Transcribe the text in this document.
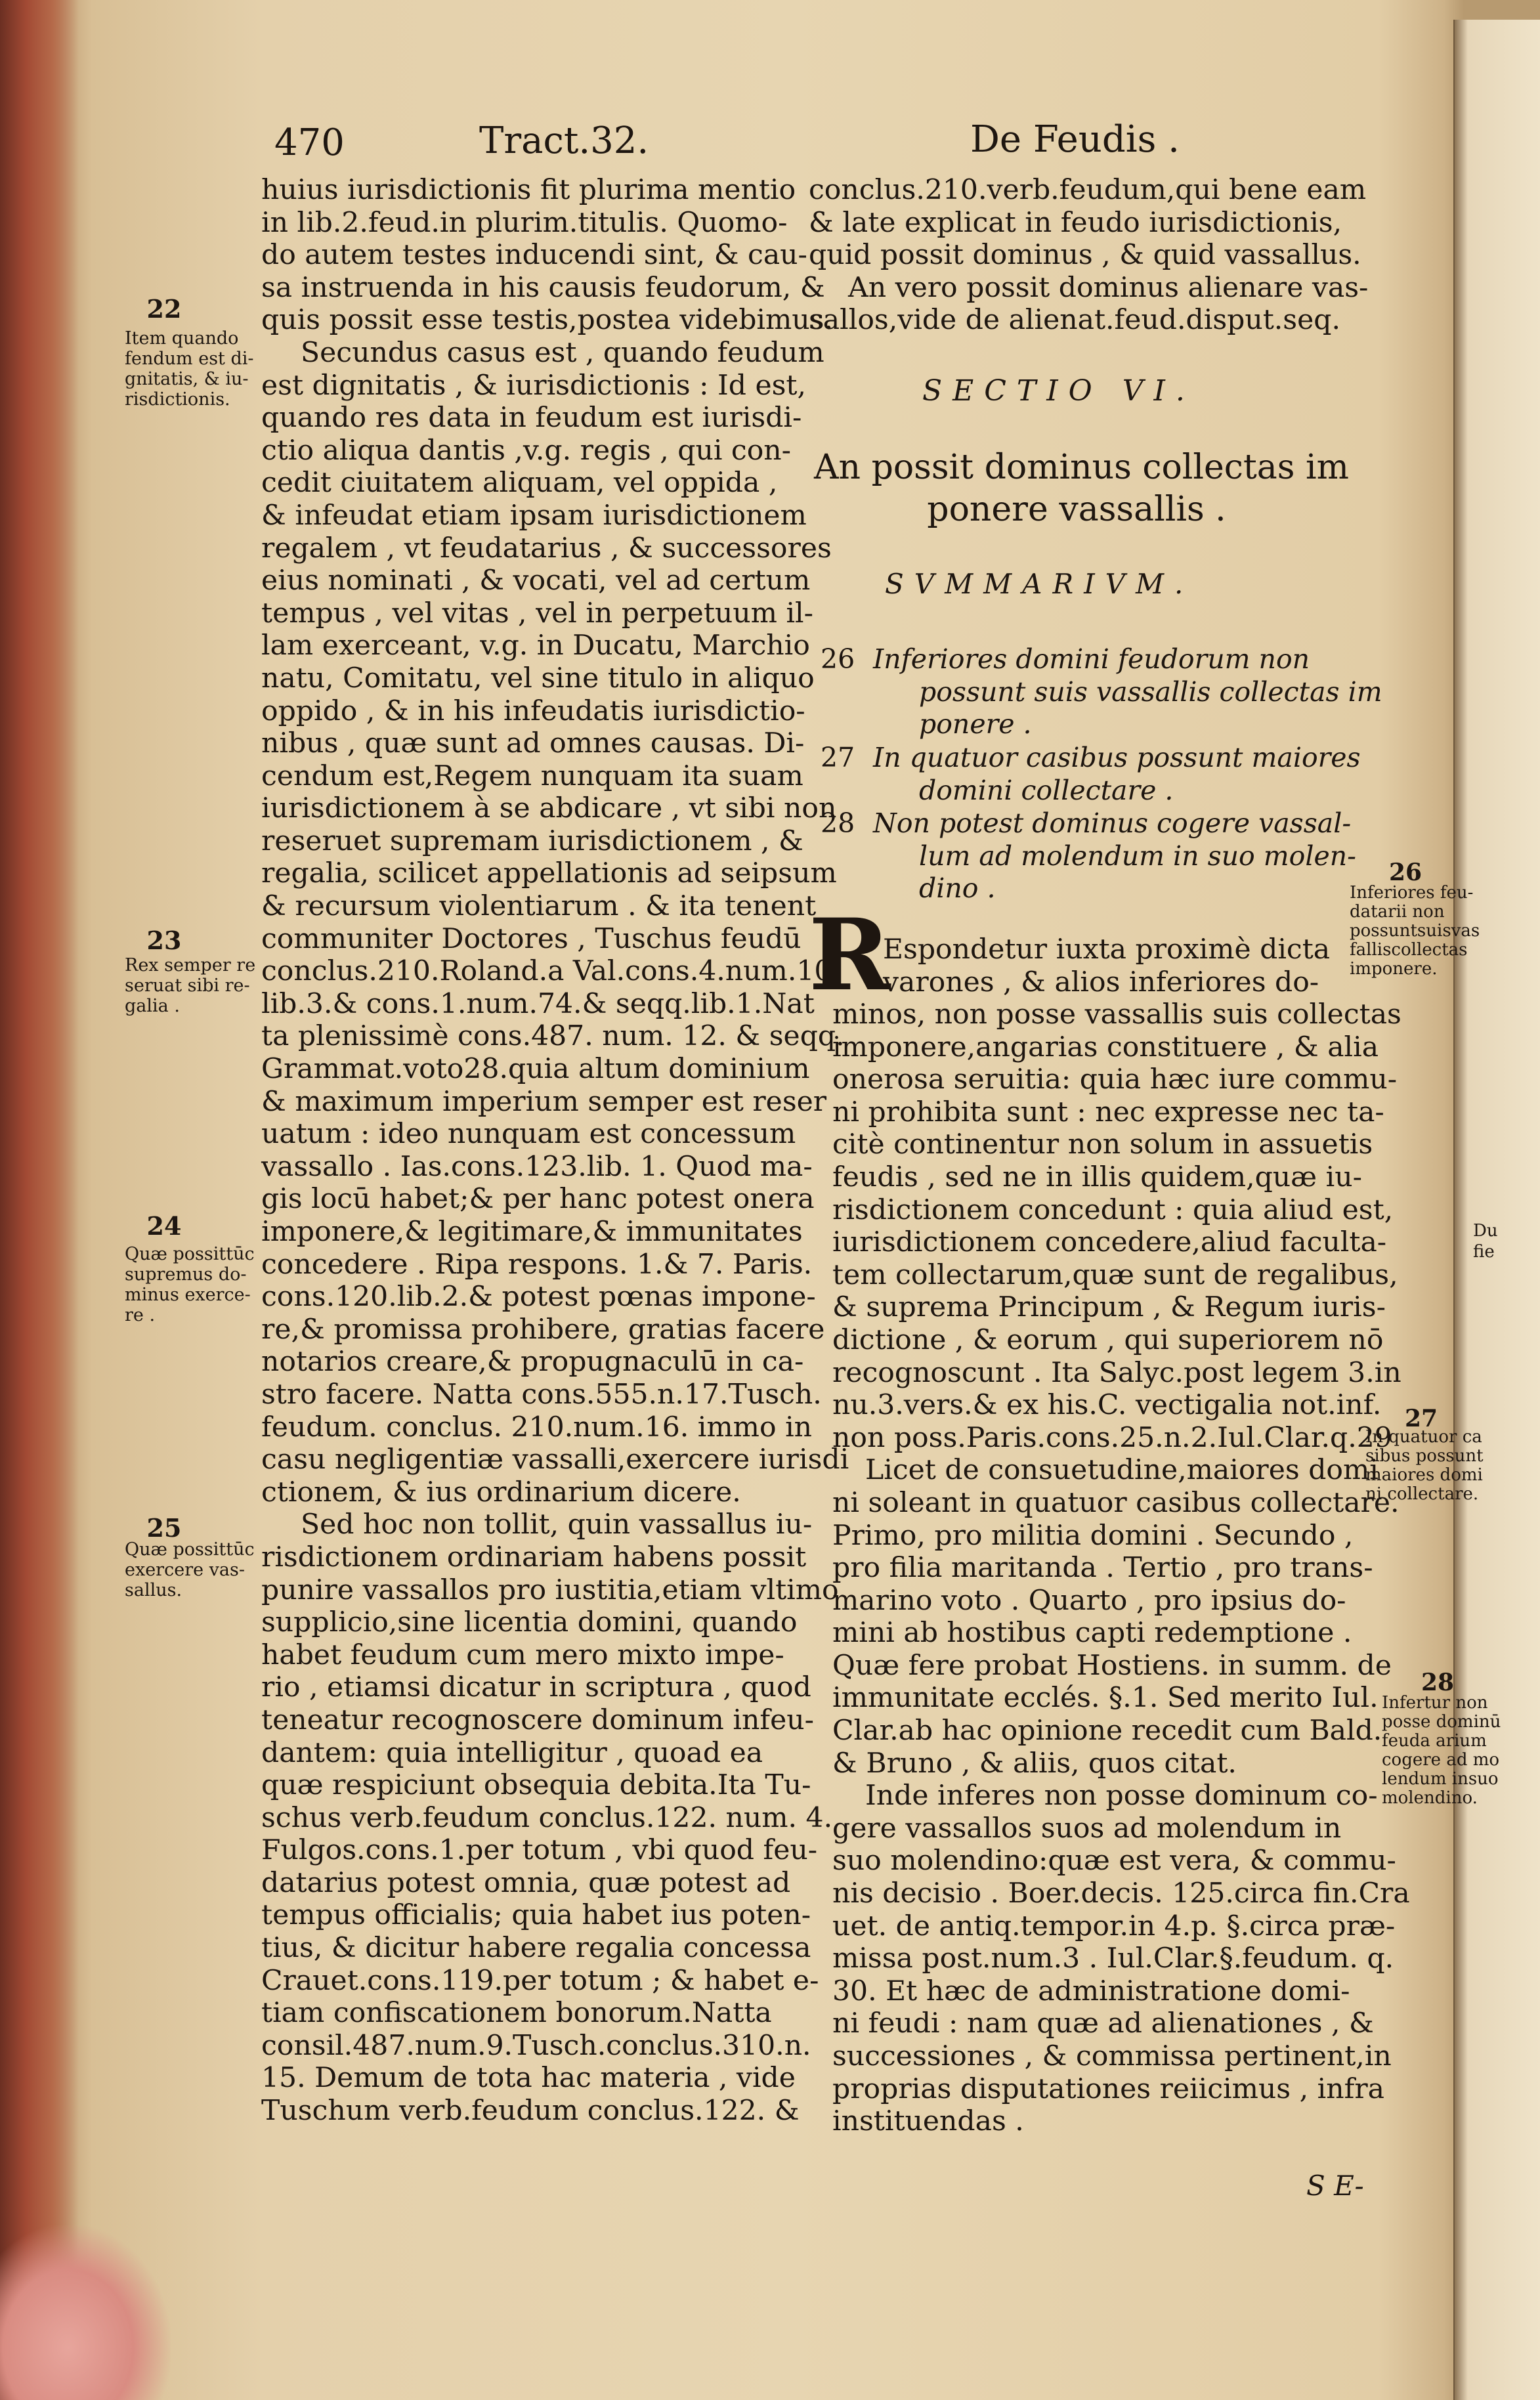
Du
fie
470	Tract.32.	De Feudis .
huius iurisdictionis fit plurima mentio
in lib.2.feud.in plurim.titulis. Quomo-
do autem testes inducendi sint, & cau-
sa instruenda in his causis feudorum, &
quis possit esse testis,postea videbimus.
Secundus casus est , quando feudum
est dignitatis , & iurisdictionis : Id est,
quando res data in feudum est iurisdi-
ctio aliqua dantis ,v.g. regis , qui con-
cedit ciuitatem aliquam, vel oppida ,
& infeudat etiam ipsam iurisdictionem
regalem , vt feudatarius , & successores
eius nominati , & vocati, vel ad certum
tempus , vel vitas , vel in perpetuum il-
lam exerceant, v.g. in Ducatu, Marchio
natu, Comitatu, vel sine titulo in aliquo
oppido , & in his infeudatis iurisdictio-
nibus , quæ sunt ad omnes causas. Di-
cendum est,Regem nunquam ita suam
iurisdictionem à se abdicare , vt sibi non
reseruet supremam iurisdictionem , &
regalia, scilicet appellationis ad seipsum
& recursum violentiarum . & ita tenent
communiter Doctores , Tuschus feudū
conclus.210.Roland.a Val.cons.4.num.10.
lib.3.& cons.1.num.74.& seqq.lib.1.Nat
ta plenissimè cons.487. num. 12. & seqq.
Grammat.voto28.quia altum dominium
& maximum imperium semper est reser
uatum : ideo nunquam est concessum
vassallo . Ias.cons.123.lib. 1. Quod ma-
gis locū habet;& per hanc potest onera
imponere,& legitimare,& immunitates
concedere . Ripa respons. 1.& 7. Paris.
cons.120.lib.2.& potest pœnas impone-
re,& promissa prohibere, gratias facere
notarios creare,& propugnaculū in ca-
stro facere. Natta cons.555.n.17.Tusch.
feudum. conclus. 210.num.16. immo in
casu negligentiæ vassalli,exercere iurisdi
ctionem, & ius ordinarium dicere.
Sed hoc non tollit, quin vassallus iu-
risdictionem ordinariam habens possit
punire vassallos pro iustitia,etiam vltimo
supplicio,sine licentia domini, quando
habet feudum cum mero mixto impe-
rio , etiamsi dicatur in scriptura , quod
teneatur recognoscere dominum infeu-
dantem: quia intelligitur , quoad ea
quæ respiciunt obsequia debita.Ita Tu-
schus verb.feudum conclus.122. num. 4.
Fulgos.cons.1.per totum , vbi quod feu-
datarius potest omnia, quæ potest ad
tempus officialis; quia habet ius poten-
tius, & dicitur habere regalia concessa
Crauet.cons.119.per totum ; & habet e-
tiam confiscationem bonorum.Natta
consil.487.num.9.Tusch.conclus.310.n.
15. Demum de tota hac materia , vide
Tuschum verb.feudum conclus.122. &
22
Item quando
fendum est di-
gnitatis, & iu-
risdictionis.
23
Rex semper re
seruat sibi re-
galia .
24
Quæ possittūc
supremus do-
minus exerce-
re .
25
Quæ possittūc
exercere vas-
sallus.
conclus.210.verb.feudum,qui bene eam
& late explicat in feudo iurisdictionis,
quid possit dominus , & quid vassallus.
An vero possit dominus alienare vas-
sallos,vide de alienat.feud.disput.seq.
SECTIO VI.
An possit dominus collectas im
ponere vassallis .
SVMMARIVM.
26 Inferiores domini feudorum non
possunt suis vassallis collectas im
ponere .
27 In quatuor casibus possunt maiores
domini collectare .
28 Non potest dominus cogere vassal-
lum ad molendum in suo molen-
dino .
R
Espondetur iuxta proximè dicta
varones , & alios inferiores do-
minos, non posse vassallis suis collectas
imponere,angarias constituere , & alia
onerosa seruitia: quia hæc iure commu-
ni prohibita sunt : nec expresse nec ta-
citè continentur non solum in assuetis
feudis , sed ne in illis quidem,quæ iu-
risdictionem concedunt : quia aliud est,
iurisdictionem concedere,aliud faculta-
tem collectarum,quæ sunt de regalibus,
& suprema Principum , & Regum iuris-
dictione , & eorum , qui superiorem nō
recognoscunt . Ita Salyc.post legem 3.in
nu.3.vers.& ex his.C. vectigalia not.inf.
non poss.Paris.cons.25.n.2.Iul.Clar.q.29
Licet de consuetudine,maiores domi
ni soleant in quatuor casibus collectare.
Primo, pro militia domini . Secundo ,
pro filia maritanda . Tertio , pro trans-
marino voto . Quarto , pro ipsius do-
mini ab hostibus capti redemptione .
Quæ fere probat Hostiens. in summ. de
immunitate ecclés. §.1. Sed merito Iul.
Clar.ab hac opinione recedit cum Bald.
& Bruno , & aliis, quos citat.
Inde inferes non posse dominum co-
gere vassallos suos ad molendum in
suo molendino:quæ est vera, & commu-
nis decisio . Boer.decis. 125.circa fin.Cra
uet. de antiq.tempor.in 4.p. §.circa præ-
missa post.num.3 . Iul.Clar.§.feudum. q.
30. Et hæc de administratione domi-
ni feudi : nam quæ ad alienationes , &
successiones , & commissa pertinent,in
proprias disputationes reiicimus , infra
instituendas .
S E-
26
Inferiores feu-
datarii non
possuntsuisvas
falliscollectas
imponere.
27
In quatuor ca
sibus possunt
maiores domi
ni collectare.
28
Infertur non
posse dominū
feuda arium
cogere ad mo
lendum insuo
molendino.
